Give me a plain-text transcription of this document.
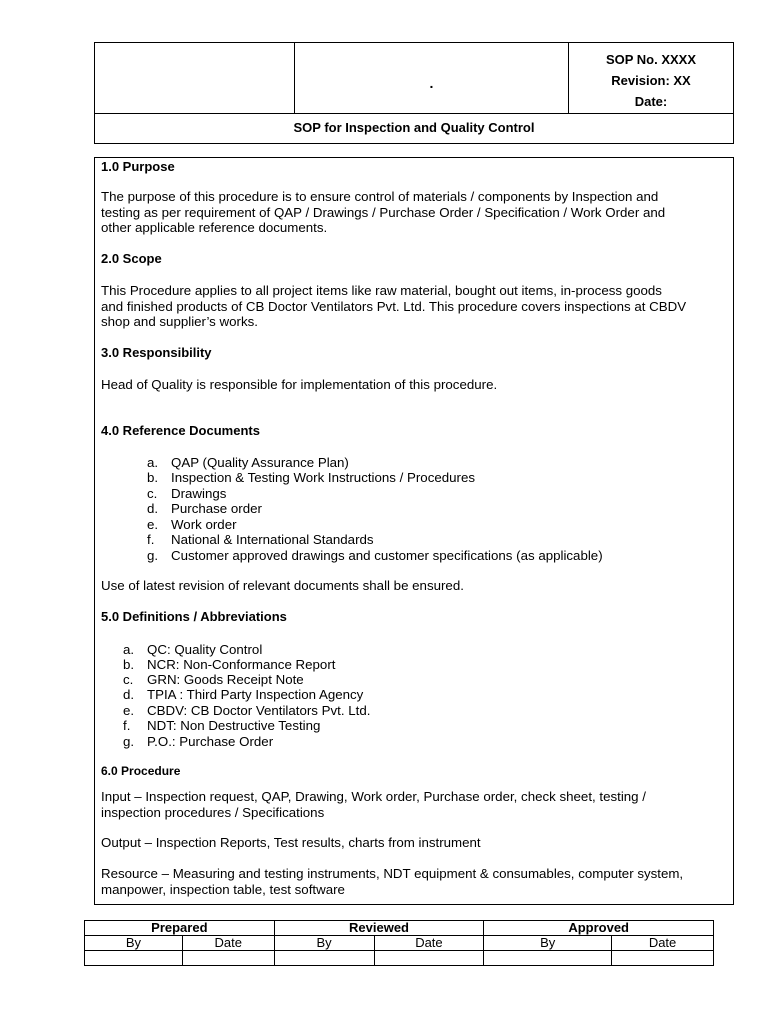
.
SOP No. XXXX
Revision: XX
Date:
SOP for Inspection and Quality Control
1.0 Purpose
The purpose of this procedure is to ensure control of materials / components by Inspection and
testing as per requirement of QAP / Drawings / Purchase Order / Specification / Work Order and
other applicable reference documents.
2.0 Scope
This Procedure applies to all project items like raw material, bought out items, in-process goods
and finished products of CB Doctor Ventilators Pvt. Ltd. This procedure covers inspections at CBDV
shop and supplier’s works.
3.0 Responsibility
Head of Quality is responsible for implementation of this procedure.
4.0 Reference Documents
a. QAP (Quality Assurance Plan)
b. Inspection & Testing Work Instructions / Procedures
c. Drawings
d. Purchase order
e. Work order
f. National & International Standards
g. Customer approved drawings and customer specifications (as applicable)
Use of latest revision of relevant documents shall be ensured.
5.0 Definitions / Abbreviations
a. QC: Quality Control
b. NCR: Non-Conformance Report
c. GRN: Goods Receipt Note
d. TPIA : Third Party Inspection Agency
e. CBDV: CB Doctor Ventilators Pvt. Ltd.
f. NDT: Non Destructive Testing
g. P.O.: Purchase Order
6.0 Procedure
Input – Inspection request, QAP, Drawing, Work order, Purchase order, check sheet, testing /
inspection procedures / Specifications
Output – Inspection Reports, Test results, charts from instrument
Resource – Measuring and testing instruments, NDT equipment & consumables, computer system,
manpower, inspection table, test software
Prepared		Reviewed		Approved	
By	Date	By	Date	By	Date
